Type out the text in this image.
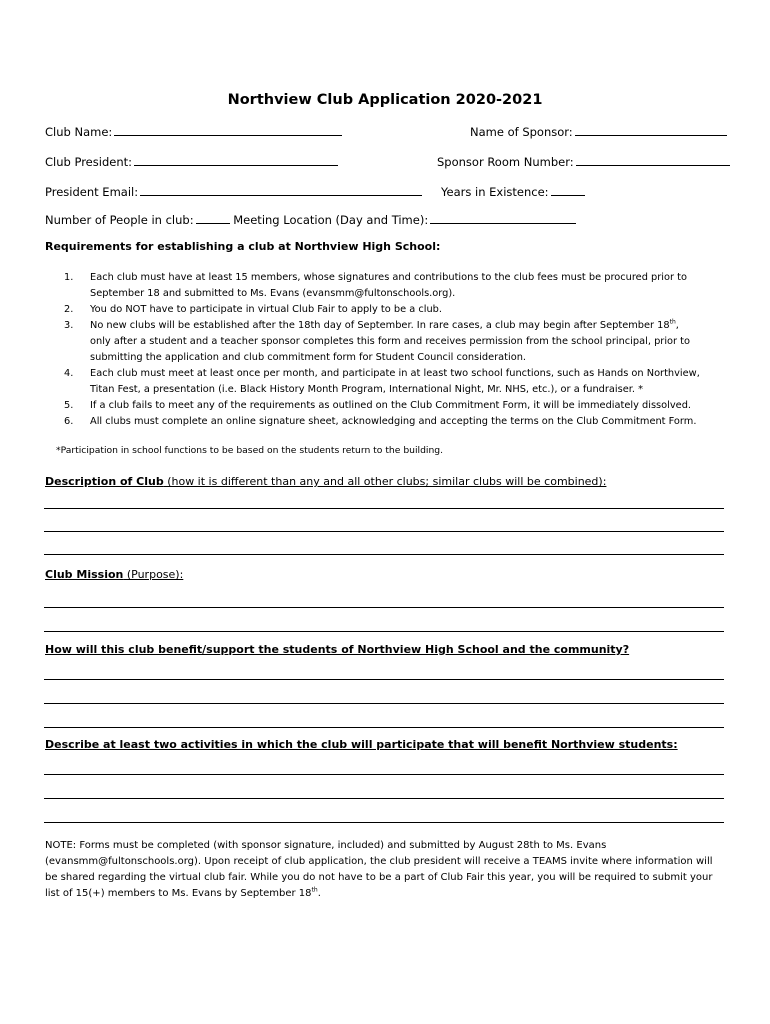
Northview Club Application 2020-2021
Club Name:	Name of Sponsor:
Club President:	Sponsor Room Number:
President Email:	Years in Existence:
Number of People in club:	Meeting Location (Day and Time):
Requirements for establishing a club at Northview High School:
1. Each club must have at least 15 members, whose signatures and contributions to the club fees must be procured prior to September 18 and submitted to Ms. Evans (evansmm@fultonschools.org).
2. You do NOT have to participate in virtual Club Fair to apply to be a club.
3. No new clubs will be established after the 18th day of September. In rare cases, a club may begin after September 18th, only after a student and a teacher sponsor completes this form and receives permission from the school principal, prior to submitting the application and club commitment form for Student Council consideration.
4. Each club must meet at least once per month, and participate in at least two school functions, such as Hands on Northview, Titan Fest, a presentation (i.e. Black History Month Program, International Night, Mr. NHS, etc.), or a fundraiser. *
5. If a club fails to meet any of the requirements as outlined on the Club Commitment Form, it will be immediately dissolved.
6. All clubs must complete an online signature sheet, acknowledging and accepting the terms on the Club Commitment Form.
*Participation in school functions to be based on the students return to the building.
Description of Club (how it is different than any and all other clubs; similar clubs will be combined):
Club Mission (Purpose):
How will this club benefit/support the students of Northview High School and the community?
Describe at least two activities in which the club will participate that will benefit Northview students:
NOTE: Forms must be completed (with sponsor signature, included) and submitted by August 28th to Ms. Evans (evansmm@fultonschools.org). Upon receipt of club application, the club president will receive a TEAMS invite where information will be shared regarding the virtual club fair. While you do not have to be a part of Club Fair this year, you will be required to submit your list of 15(+) members to Ms. Evans by September 18th.
